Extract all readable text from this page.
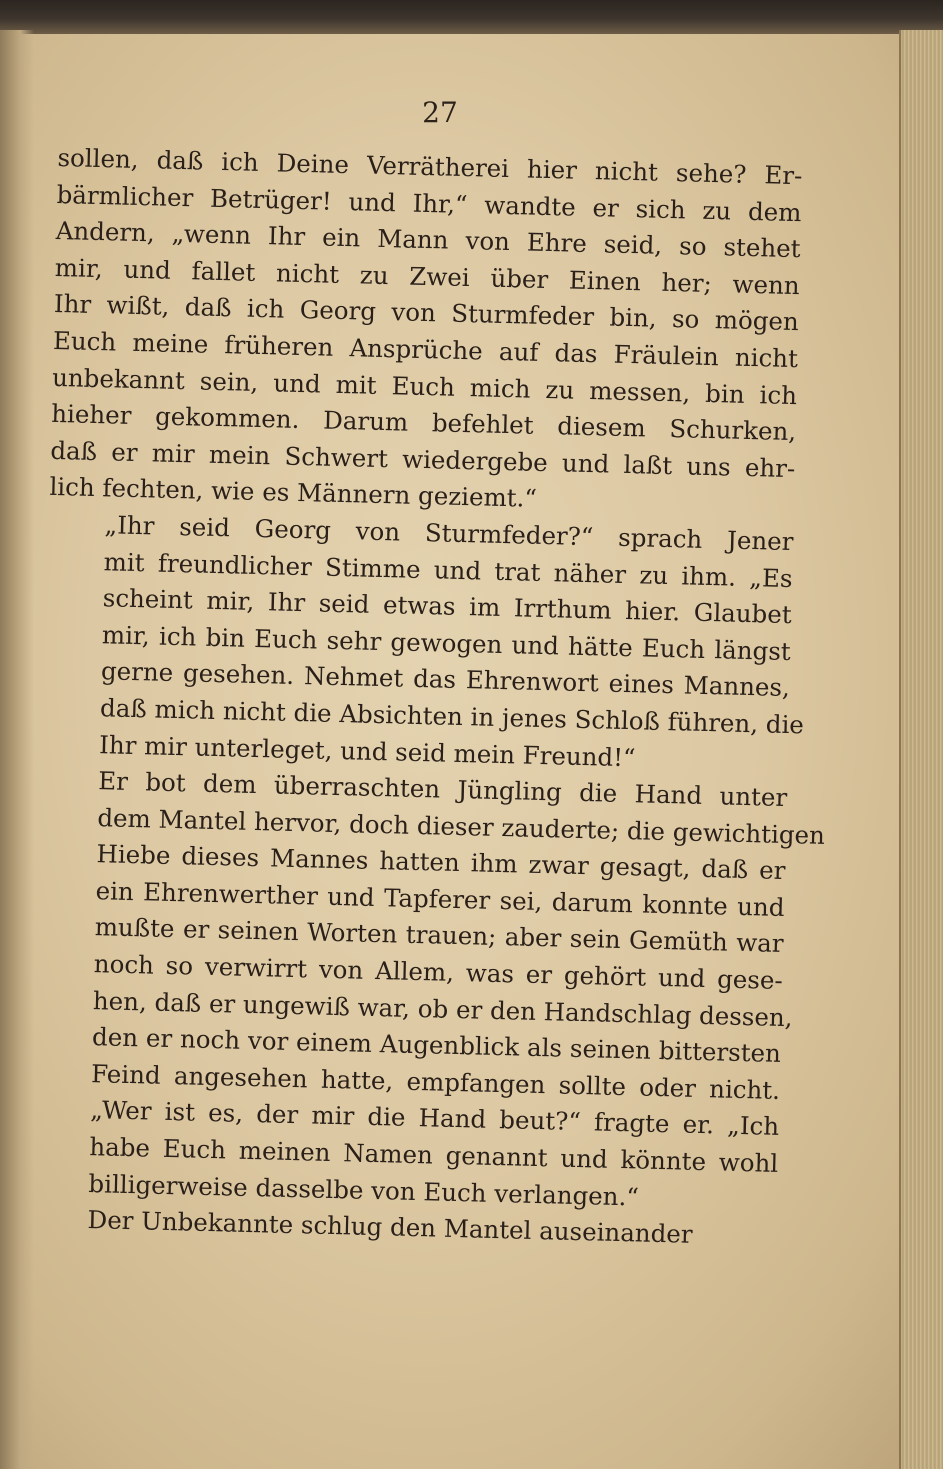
27

sollen, daß ich Deine Verrätherei hier nicht sehe? Er-
bärmlicher Betrüger! und Ihr,“ wandte er sich zu dem
Andern, „wenn Ihr ein Mann von Ehre seid, so stehet
mir, und fallet nicht zu Zwei über Einen her; wenn
Ihr wißt, daß ich Georg von Sturmfeder bin, so mögen
Euch meine früheren Ansprüche auf das Fräulein nicht
unbekannt sein, und mit Euch mich zu messen, bin ich
hieher gekommen. Darum befehlet diesem Schurken,
daß er mir mein Schwert wiedergebe und laßt uns ehr-
lich fechten, wie es Männern geziemt.“

„Ihr seid Georg von Sturmfeder?“ sprach Jener
mit freundlicher Stimme und trat näher zu ihm. „Es
scheint mir, Ihr seid etwas im Irrthum hier. Glaubet
mir, ich bin Euch sehr gewogen und hätte Euch längst
gerne gesehen. Nehmet das Ehrenwort eines Mannes,
daß mich nicht die Absichten in jenes Schloß führen, die
Ihr mir unterleget, und seid mein Freund!“

Er bot dem überraschten Jüngling die Hand unter
dem Mantel hervor, doch dieser zauderte; die gewichtigen
Hiebe dieses Mannes hatten ihm zwar gesagt, daß er
ein Ehrenwerther und Tapferer sei, darum konnte und
mußte er seinen Worten trauen; aber sein Gemüth war
noch so verwirrt von Allem, was er gehört und gese-
hen, daß er ungewiß war, ob er den Handschlag dessen,
den er noch vor einem Augenblick als seinen bittersten
Feind angesehen hatte, empfangen sollte oder nicht.
„Wer ist es, der mir die Hand beut?“ fragte er. „Ich
habe Euch meinen Namen genannt und könnte wohl
billigerweise dasselbe von Euch verlangen.“

Der Unbekannte schlug den Mantel auseinander
